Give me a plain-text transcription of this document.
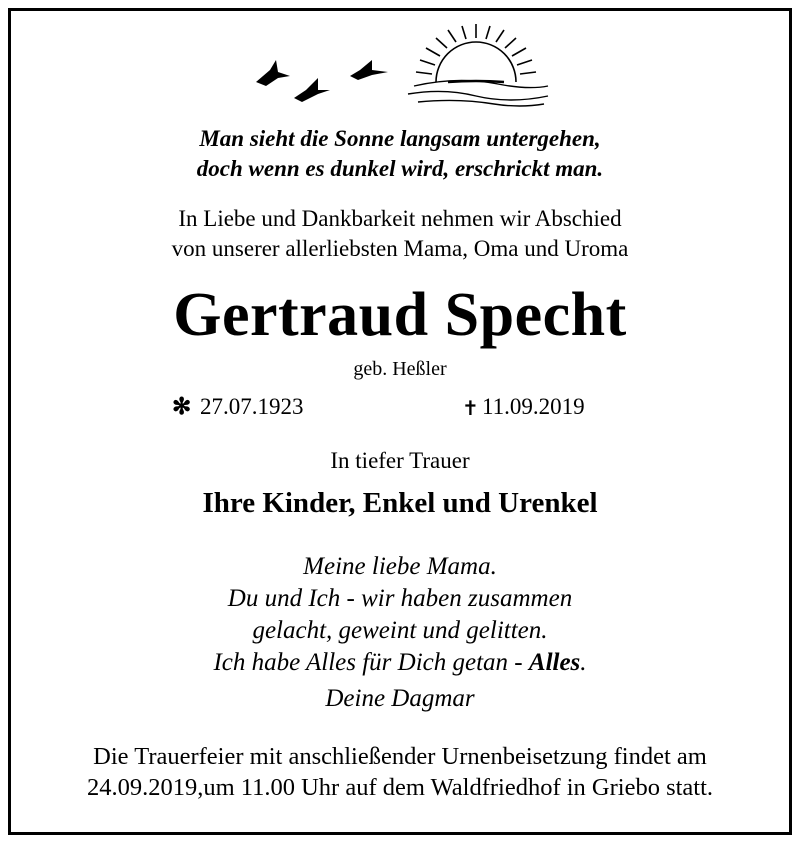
Man sieht die Sonne langsam untergehen,
doch wenn es dunkel wird, erschrickt man.
In Liebe und Dankbarkeit nehmen wir Abschied
von unserer allerliebsten Mama, Oma und Uroma
Gertraud Specht
geb. Heßler
✻ 27.07.1923	✝ 11.09.2019
In tiefer Trauer
Ihre Kinder, Enkel und Urenkel
Meine liebe Mama.
Du und Ich - wir haben zusammen
gelacht, geweint und gelitten.
Ich habe Alles für Dich getan - Alles.
Deine Dagmar
Die Trauerfeier mit anschließender Urnenbeisetzung findet am
24.09.2019,um 11.00 Uhr auf dem Waldfriedhof in Griebo statt.
